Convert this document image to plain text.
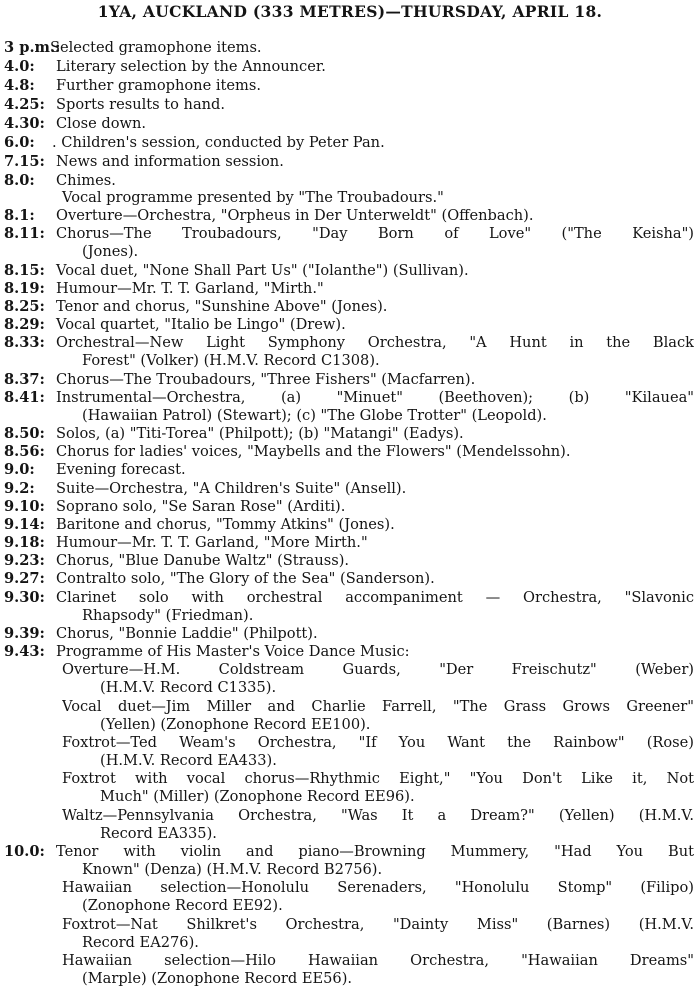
1YA, AUCKLAND (333 METRES)—THURSDAY, APRIL 18.
3 p.m.:
Selected gramophone items.
4.0: Literary selection by the Announcer.
4.8: Further gramophone items.
4.25: Sports results to hand.
4.30: Close down.
6.0: . Children's session, conducted by Peter Pan.
7.15: News and information session.
8.0: Chimes.
Vocal programme presented by "The Troubadours."
8.1: Overture—Orchestra, "Orpheus in Der Unterweldt" (Offenbach).
8.11: Chorus—The Troubadours, "Day Born of Love" ("The Keisha")
(Jones).
8.15: Vocal duet, "None Shall Part Us" ("Iolanthe") (Sullivan).
8.19: Humour—Mr. T. T. Garland, "Mirth."
8.25: Tenor and chorus, "Sunshine Above" (Jones).
8.29: Vocal quartet, "Italio be Lingo" (Drew).
8.33: Orchestral—New Light Symphony Orchestra, "A Hunt in the Black
Forest" (Volker) (H.M.V. Record C1308).
8.37: Chorus—The Troubadours, "Three Fishers" (Macfarren).
8.41: Instrumental—Orchestra, (a) "Minuet" (Beethoven); (b) "Kilauea"
(Hawaiian Patrol) (Stewart); (c) "The Globe Trotter" (Leopold).
8.50: Solos, (a) "Titi-Torea" (Philpott); (b) "Matangi" (Eadys).
8.56: Chorus for ladies' voices, "Maybells and the Flowers" (Mendelssohn).
9.0: Evening forecast.
9.2: Suite—Orchestra, "A Children's Suite" (Ansell).
9.10: Soprano solo, "Se Saran Rose" (Arditi).
9.14: Baritone and chorus, "Tommy Atkins" (Jones).
9.18: Humour—Mr. T. T. Garland, "More Mirth."
9.23: Chorus, "Blue Danube Waltz" (Strauss).
9.27: Contralto solo, "The Glory of the Sea" (Sanderson).
9.30: Clarinet solo with orchestral accompaniment — Orchestra, "Slavonic
Rhapsody" (Friedman).
9.39: Chorus, "Bonnie Laddie" (Philpott).
9.43: Programme of His Master's Voice Dance Music:
Overture—H.M. Coldstream Guards, "Der Freischutz" (Weber)
(H.M.V. Record C1335).
Vocal duet—Jim Miller and Charlie Farrell, "The Grass Grows Greener"
(Yellen) (Zonophone Record EE100).
Foxtrot—Ted Weam's Orchestra, "If You Want the Rainbow" (Rose)
(H.M.V. Record EA433).
Foxtrot with vocal chorus—Rhythmic Eight," "You Don't Like it, Not
Much" (Miller) (Zonophone Record EE96).
Waltz—Pennsylvania Orchestra, "Was It a Dream?" (Yellen) (H.M.V.
Record EA335).
10.0: Tenor with violin and piano—Browning Mummery, "Had You But
Known" (Denza) (H.M.V. Record B2756).
Hawaiian selection—Honolulu Serenaders, "Honolulu Stomp" (Filipo)
(Zonophone Record EE92).
Foxtrot—Nat Shilkret's Orchestra, "Dainty Miss" (Barnes) (H.M.V.
Record EA276).
Hawaiian selection—Hilo Hawaiian Orchestra, "Hawaiian Dreams"
(Marple) (Zonophone Record EE56).
